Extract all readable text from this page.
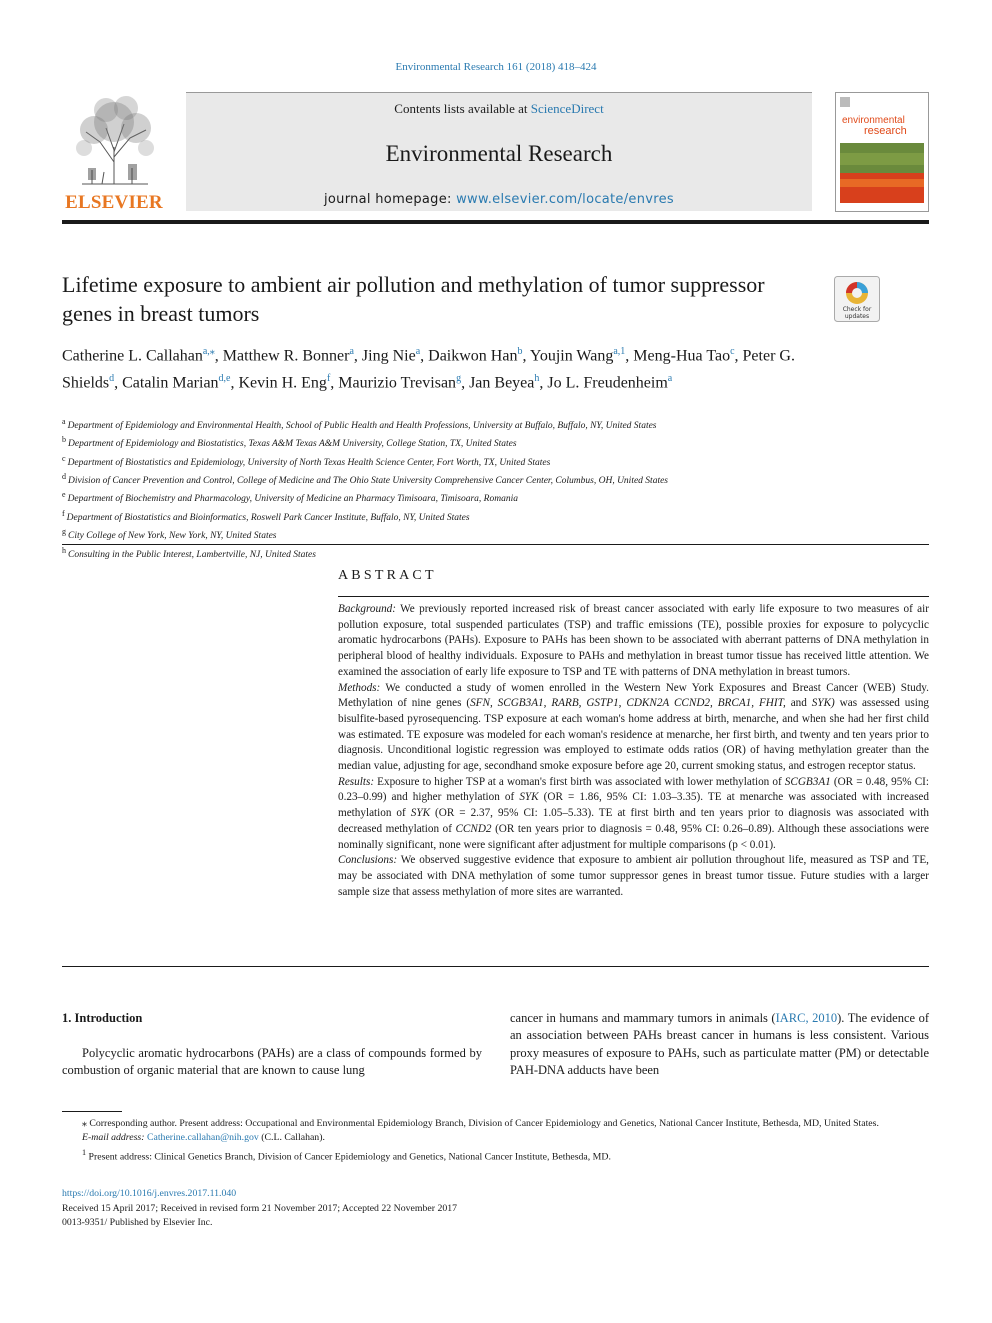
Environmental Research 161 (2018) 418–424
ELSEVIER
Contents lists available at ScienceDirect
Environmental Research
journal homepage: www.elsevier.com/locate/envres
environmental
research
Lifetime exposure to ambient air pollution and methylation of tumor suppressor genes in breast tumors	Check for
updates
Catherine L. Callahan$^{a,⁎}$, Matthew R. Bonner$^a$, Jing Nie$^a$, Daikwon Han$^b$, Youjin Wang$^{a,1}$, Meng-Hua Tao$^c$, Peter G. Shields$^d$, Catalin Marian$^{d,e}$, Kevin H. Eng$^f$, Maurizio Trevisan$^g$, Jan Beyea$^h$, Jo L. Freudenheim$^a$
$^a$ Department of Epidemiology and Environmental Health, School of Public Health and Health Professions, University at Buffalo, Buffalo, NY, United States
$^b$ Department of Epidemiology and Biostatistics, Texas A&M Texas A&M University, College Station, TX, United States
$^c$ Department of Biostatistics and Epidemiology, University of North Texas Health Science Center, Fort Worth, TX, United States
$^d$ Division of Cancer Prevention and Control, College of Medicine and The Ohio State University Comprehensive Cancer Center, Columbus, OH, United States
$^e$ Department of Biochemistry and Pharmacology, University of Medicine an Pharmacy Timisoara, Timisoara, Romania
$^f$ Department of Biostatistics and Bioinformatics, Roswell Park Cancer Institute, Buffalo, NY, United States
$^g$ City College of New York, New York, NY, United States
$^h$ Consulting in the Public Interest, Lambertville, NJ, United States
ABSTRACT

Background: We previously reported increased risk of breast cancer associated with early life exposure to two measures of air pollution exposure, total suspended particulates (TSP) and traffic emissions (TE), possible proxies for exposure to polycyclic aromatic hydrocarbons (PAHs). Exposure to PAHs has been shown to be associated with aberrant patterns of DNA methylation in peripheral blood of healthy individuals. Exposure to PAHs and methylation in breast tumor tissue has received little attention. We examined the association of early life exposure to TSP and TE with patterns of DNA methylation in breast tumors.

Methods: We conducted a study of women enrolled in the Western New York Exposures and Breast Cancer (WEB) Study. Methylation of nine genes (SFN, SCGB3A1, RARB, GSTP1, CDKN2A CCND2, BRCA1, FHIT, and SYK) was assessed using bisulfite-based pyrosequencing. TSP exposure at each woman's home address at birth, menarche, and when she had her first child was estimated. TE exposure was modeled for each woman's residence at menarche, her first birth, and twenty and ten years prior to diagnosis. Unconditional logistic regression was employed to estimate odds ratios (OR) of having methylation greater than the median value, adjusting for age, secondhand smoke exposure before age 20, current smoking status, and estrogen receptor status.

Results: Exposure to higher TSP at a woman's first birth was associated with lower methylation of SCGB3A1 (OR = 0.48, 95% CI: 0.23–0.99) and higher methylation of SYK (OR = 1.86, 95% CI: 1.03–3.35). TE at menarche was associated with increased methylation of SYK (OR = 2.37, 95% CI: 1.05–5.33). TE at first birth and ten years prior to diagnosis was associated with decreased methylation of CCND2 (OR ten years prior to diagnosis = 0.48, 95% CI: 0.26–0.89). Although these associations were nominally significant, none were significant after adjustment for multiple comparisons (p < 0.01).

Conclusions: We observed suggestive evidence that exposure to ambient air pollution throughout life, measured as TSP and TE, may be associated with DNA methylation of some tumor suppressor genes in breast tumor tissue. Future studies with a larger sample size that assess methylation of more sites are warranted.

1. Introduction
Polycyclic aromatic hydrocarbons (PAHs) are a class of compounds formed by combustion of organic material that are known to cause lung
cancer in humans and mammary tumors in animals (IARC, 2010). The evidence of an association between PAHs breast cancer in humans is less consistent. Various proxy measures of exposure to PAHs, such as particulate matter (PM) or detectable PAH-DNA adducts have been

⁎ Corresponding author. Present address: Occupational and Environmental Epidemiology Branch, Division of Cancer Epidemiology and Genetics, National Cancer Institute, Bethesda, MD, United States.

E-mail address: Catherine.callahan@nih.gov (C.L. Callahan).

$^1$ Present address: Clinical Genetics Branch, Division of Cancer Epidemiology and Genetics, National Cancer Institute, Bethesda, MD.

https://doi.org/10.1016/j.envres.2017.11.040

Received 15 April 2017; Received in revised form 21 November 2017; Accepted 22 November 2017

0013-9351/ Published by Elsevier Inc.
